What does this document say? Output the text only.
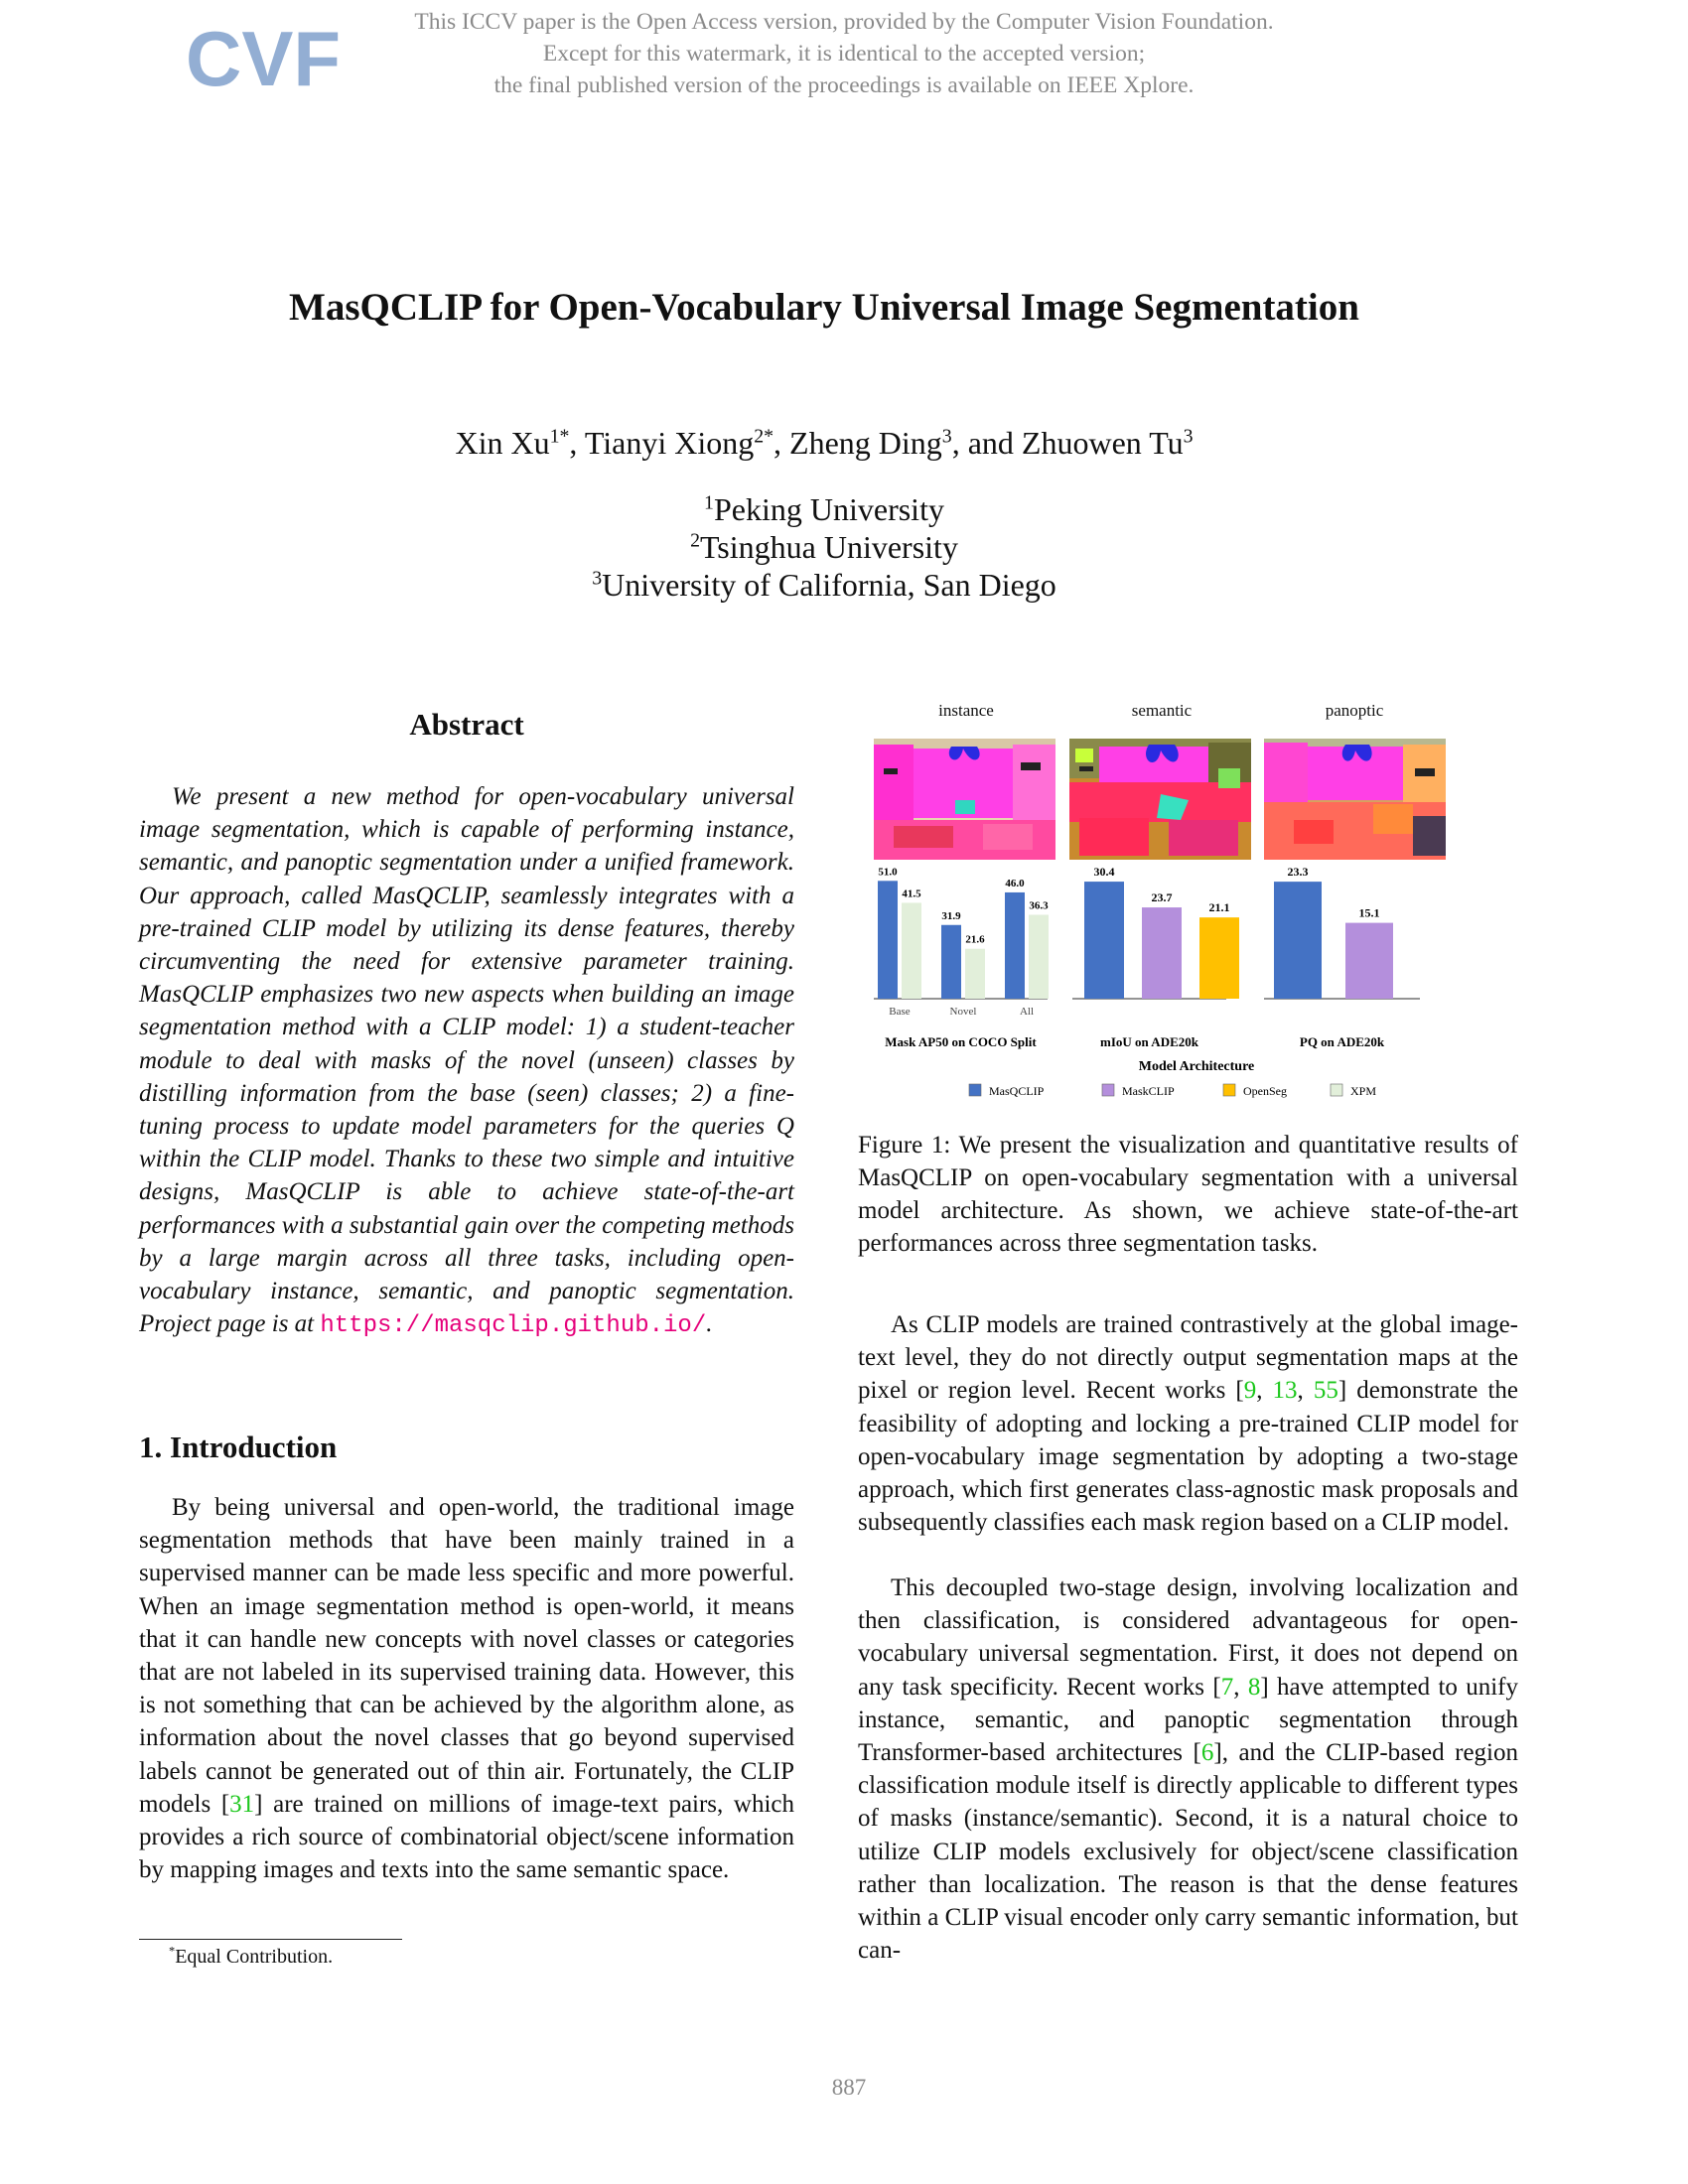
CVF	This ICCV paper is the Open Access version, provided by the Computer Vision Foundation.
Except for this watermark, it is identical to the accepted version;
the final published version of the proceedings is available on IEEE Xplore.
MasQCLIP for Open-Vocabulary Universal Image Segmentation
Xin $Xu^{1*}$, Tianyi Xiong$^{2*}$, Zheng Ding$^3$, and Zhuowen Tu$^3$
$^1$Peking University
$^2$Tsinghua University
$^3$University of California, San Diego
Abstract
We present a new method for open-vocabulary universal image segmentation, which is capable of performing instance, semantic, and panoptic segmentation under a unified framework. Our approach, called MasQCLIP, seamlessly integrates with a pre-trained CLIP model by utilizing its dense features, thereby circumventing the need for extensive parameter training. MasQCLIP emphasizes two new aspects when building an image segmentation method with a CLIP model: 1) a student-teacher module to deal with masks of the novel (unseen) classes by distilling information from the base (seen) classes; 2) a fine-tuning process to update model parameters for the queries Q within the CLIP model. Thanks to these two simple and intuitive designs, MasQCLIP is able to achieve state-of-the-art performances with a substantial gain over the competing methods by a large margin across all three tasks, including open-vocabulary instance, semantic, and panoptic segmentation. Project page is at https://masqclip.github.io/.
1. Introduction
By being universal and open-world, the traditional image segmentation methods that have been mainly trained in a supervised manner can be made less specific and more powerful. When an image segmentation method is open-world, it means that it can handle new concepts with novel classes or categories that are not labeled in its supervised training data. However, this is not something that can be achieved by the algorithm alone, as information about the novel classes that go beyond supervised labels cannot be generated out of thin air. Fortunately, the CLIP models [31] are trained on millions of image-text pairs, which provides a rich source of combinatorial object/scene information by mapping images and texts into the same semantic space.
*Equal Contribution.
instance	semantic	panoptic
51.0
41.5
Base
31.9
21.6
Novel
46.0
36.3
All
Mask AP50 on COCO Split
30.4
23.7
21.1
mIoU on ADE20k
23.3
15.1
PQ on ADE20k
Model Architecture
MasQCLIP	MaskCLIP	OpenSeg	XPM
Figure 1: We present the visualization and quantitative results of MasQCLIP on open-vocabulary segmentation with a universal model architecture. As shown, we achieve state-of-the-art performances across three segmentation tasks.
As CLIP models are trained contrastively at the global image-text level, they do not directly output segmentation maps at the pixel or region level. Recent works [9, 13, 55] demonstrate the feasibility of adopting and locking a pre-trained CLIP model for open-vocabulary image segmentation by adopting a two-stage approach, which first generates class-agnostic mask proposals and subsequently classifies each mask region based on a CLIP model.
This decoupled two-stage design, involving localization and then classification, is considered advantageous for open-vocabulary universal segmentation. First, it does not depend on any task specificity. Recent works [7, 8] have attempted to unify instance, semantic, and panoptic segmentation through Transformer-based architectures [6], and the CLIP-based region classification module itself is directly applicable to different types of masks (instance/semantic). Second, it is a natural choice to utilize CLIP models exclusively for object/scene classification rather than localization. The reason is that the dense features within a CLIP visual encoder only carry semantic information, but can-
887
